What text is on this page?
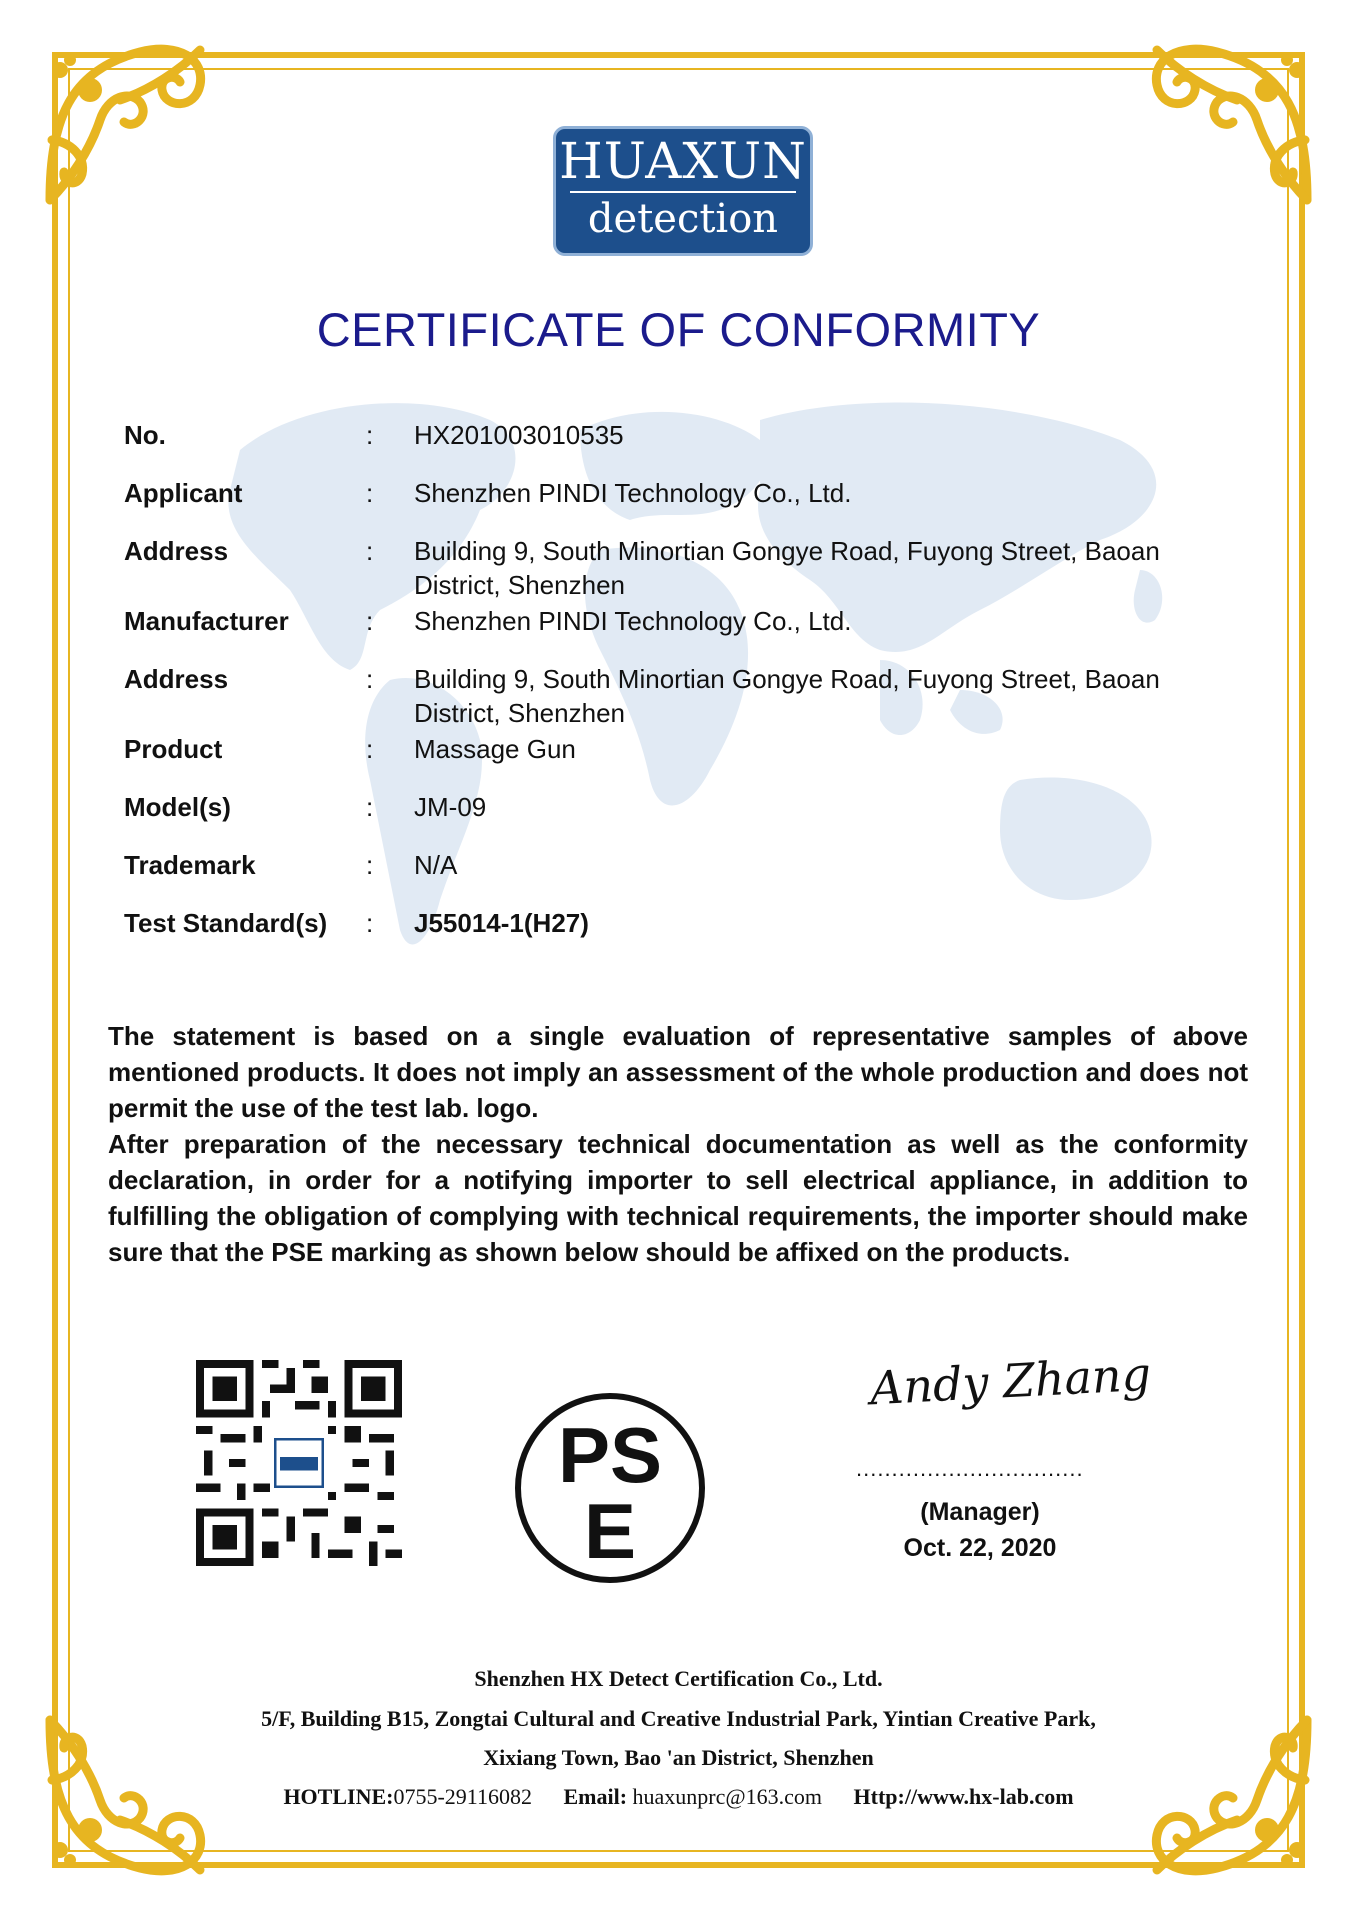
HUAXUN
detection
CERTIFICATE OF CONFORMITY
No.	: HX201003010535
Applicant	: Shenzhen PINDI Technology Co., Ltd.
Address	: Building 9, South Minortian Gongye Road, Fuyong Street, Baoan
District, Shenzhen
Manufacturer	: Shenzhen PINDI Technology Co., Ltd.
Address	: Building 9, South Minortian Gongye Road, Fuyong Street, Baoan
District, Shenzhen
Product	: Massage Gun
Model(s)	: JM-09
Trademark	: N/A
Test Standard(s) : J55014-1(H27)

The statement is based on a single evaluation of representative samples of above mentioned products. It does not imply an assessment of the whole production and does not permit the use of the test lab. logo.

After preparation of the necessary technical documentation as well as the conformity declaration, in order for a notifying importer to sell electrical appliance, in addition to fulfilling the obligation of complying with technical requirements, the importer should make sure that the PSE marking as shown below should be affixed on the products.

PS
E
Andy Zhang
................................
(Manager)
Oct. 22, 2020
Shenzhen HX Detect Certification Co., Ltd.
5/F, Building B15, Zongtai Cultural and Creative Industrial Park, Yintian Creative Park,
Xixiang Town, Bao 'an District, Shenzhen
HOTLINE:0755-29116082 Email: huaxunprc@163.com Http://www.hx-lab.com
